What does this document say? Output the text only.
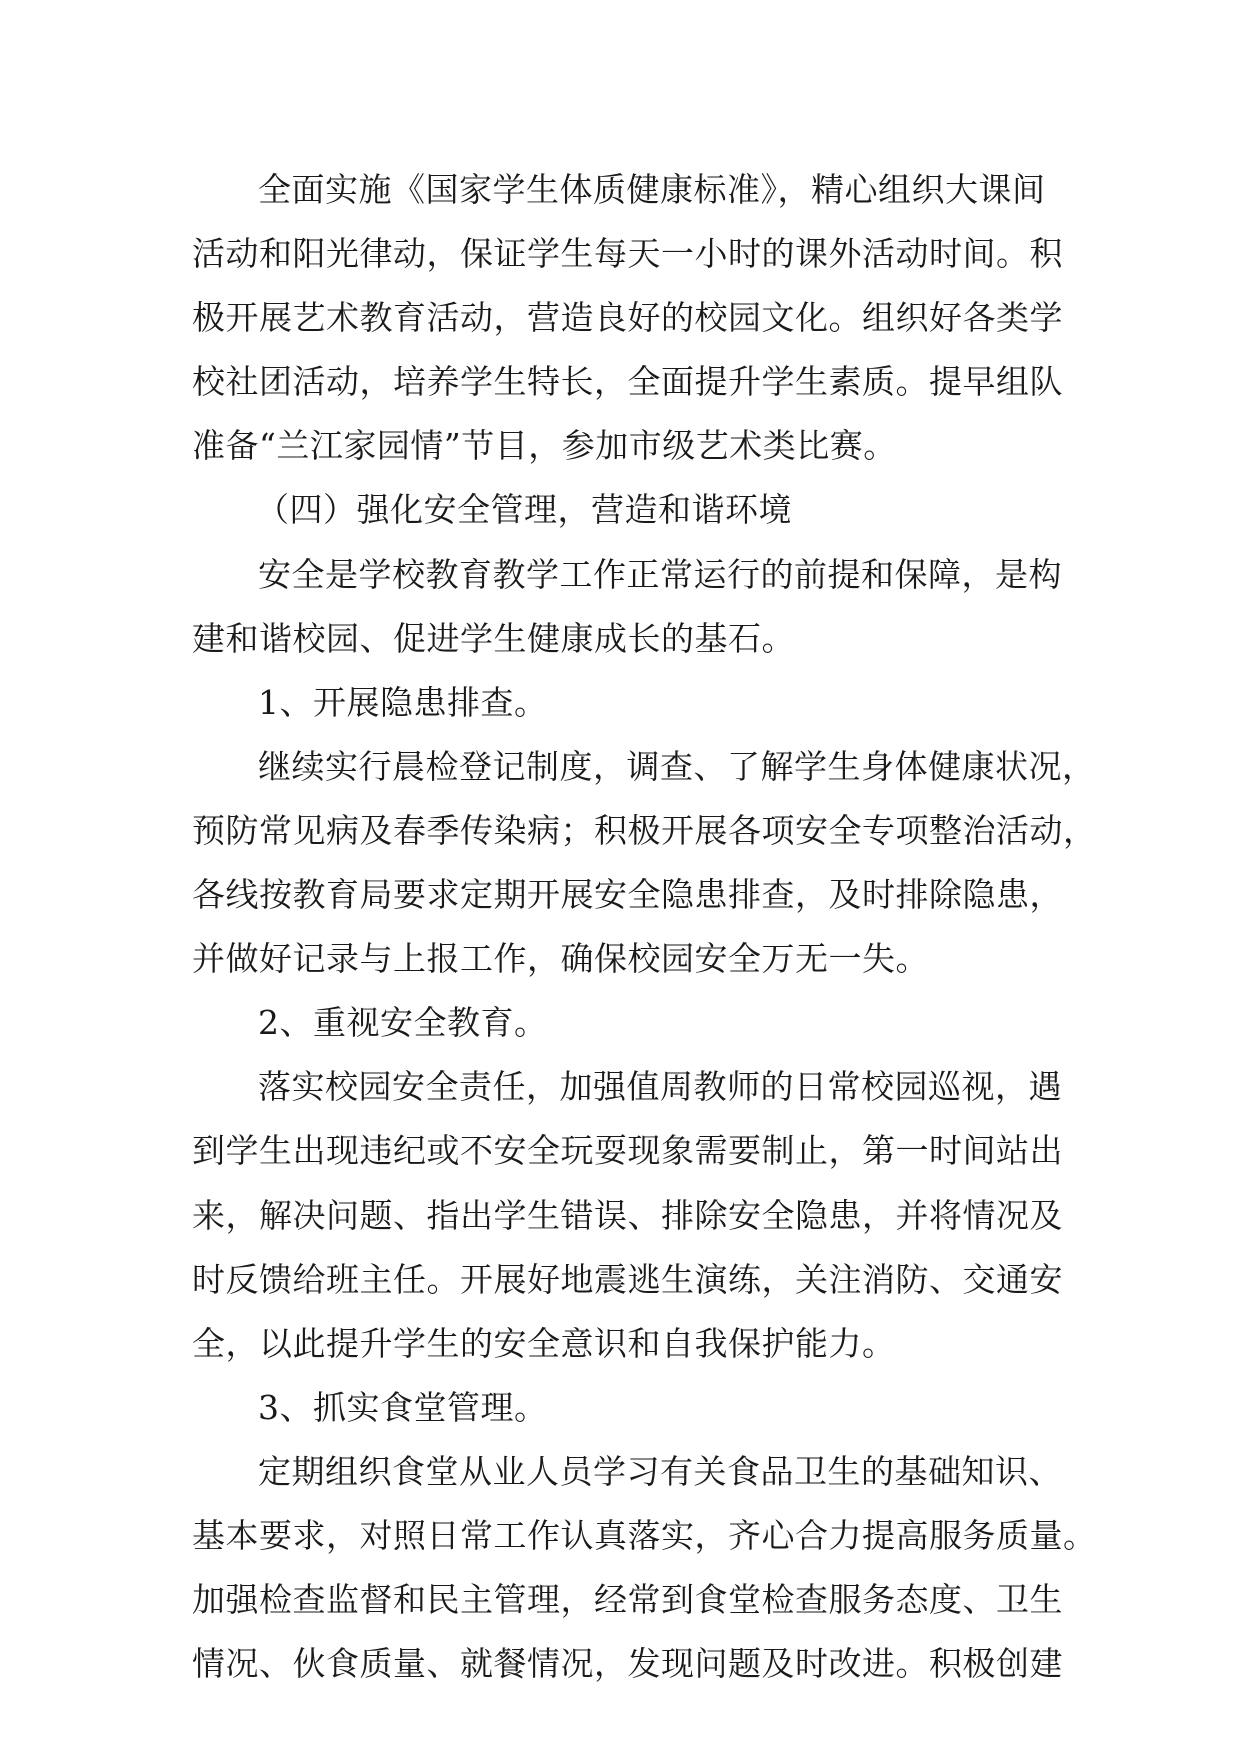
全面实施《国家学生体质健康标准》，精心组织大课间
活动和阳光律动，保证学生每天一小时的课外活动时间。积
极开展艺术教育活动，营造良好的校园文化。组织好各类学
校社团活动，培养学生特长，全面提升学生素质。提早组队
准备“兰江家园情”节目，参加市级艺术类比赛。
（四）强化安全管理，营造和谐环境
安全是学校教育教学工作正常运行的前提和保障，是构
建和谐校园、促进学生健康成长的基石。
1、开展隐患排查。
继续实行晨检登记制度，调查、了解学生身体健康状况，
预防常见病及春季传染病；积极开展各项安全专项整治活动，
各线按教育局要求定期开展安全隐患排查，及时排除隐患，
并做好记录与上报工作，确保校园安全万无一失。
2、重视安全教育。
落实校园安全责任，加强值周教师的日常校园巡视，遇
到学生出现违纪或不安全玩耍现象需要制止，第一时间站出
来，解决问题、指出学生错误、排除安全隐患，并将情况及
时反馈给班主任。开展好地震逃生演练，关注消防、交通安
全，以此提升学生的安全意识和自我保护能力。
3、抓实食堂管理。
定期组织食堂从业人员学习有关食品卫生的基础知识、
基本要求，对照日常工作认真落实，齐心合力提高服务质量。
加强检查监督和民主管理，经常到食堂检查服务态度、卫生
情况、伙食质量、就餐情况，发现问题及时改进。积极创建
